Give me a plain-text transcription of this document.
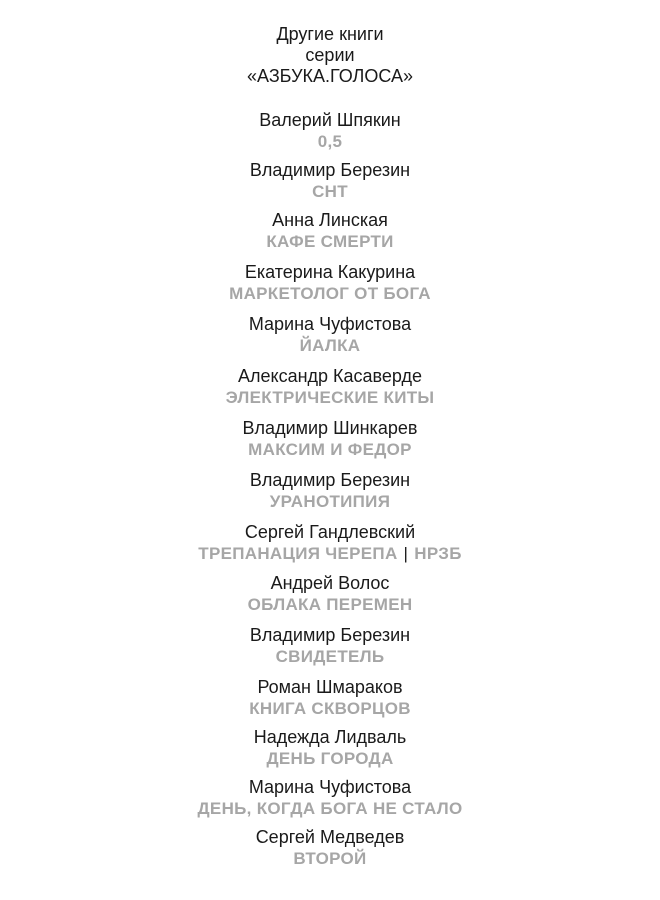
Другие книги
серии
«АЗБУКА.ГОЛОСА»
Валерий Шпякин
0,5
Владимир Березин
СНТ
Анна Линская
КАФЕ СМЕРТИ
Екатерина Какурина
МАРКЕТОЛОГ ОТ БОГА
Марина Чуфистова
ЙАЛКА
Александр Касаверде
ЭЛЕКТРИЧЕСКИЕ КИТЫ
Владимир Шинкарев
МАКСИМ И ФЕДОР
Владимир Березин
УРАНОТИПИЯ
Сергей Гандлевский
ТРЕПАНАЦИЯ ЧЕРЕПА | НРЗБ
Андрей Волос
ОБЛАКА ПЕРЕМЕН
Владимир Березин
СВИДЕТЕЛЬ
Роман Шмараков
КНИГА СКВОРЦОВ
Надежда Лидваль
ДЕНЬ ГОРОДА
Марина Чуфистова
ДЕНЬ, КОГДА БОГА НЕ СТАЛО
Сергей Медведев
ВТОРОЙ
